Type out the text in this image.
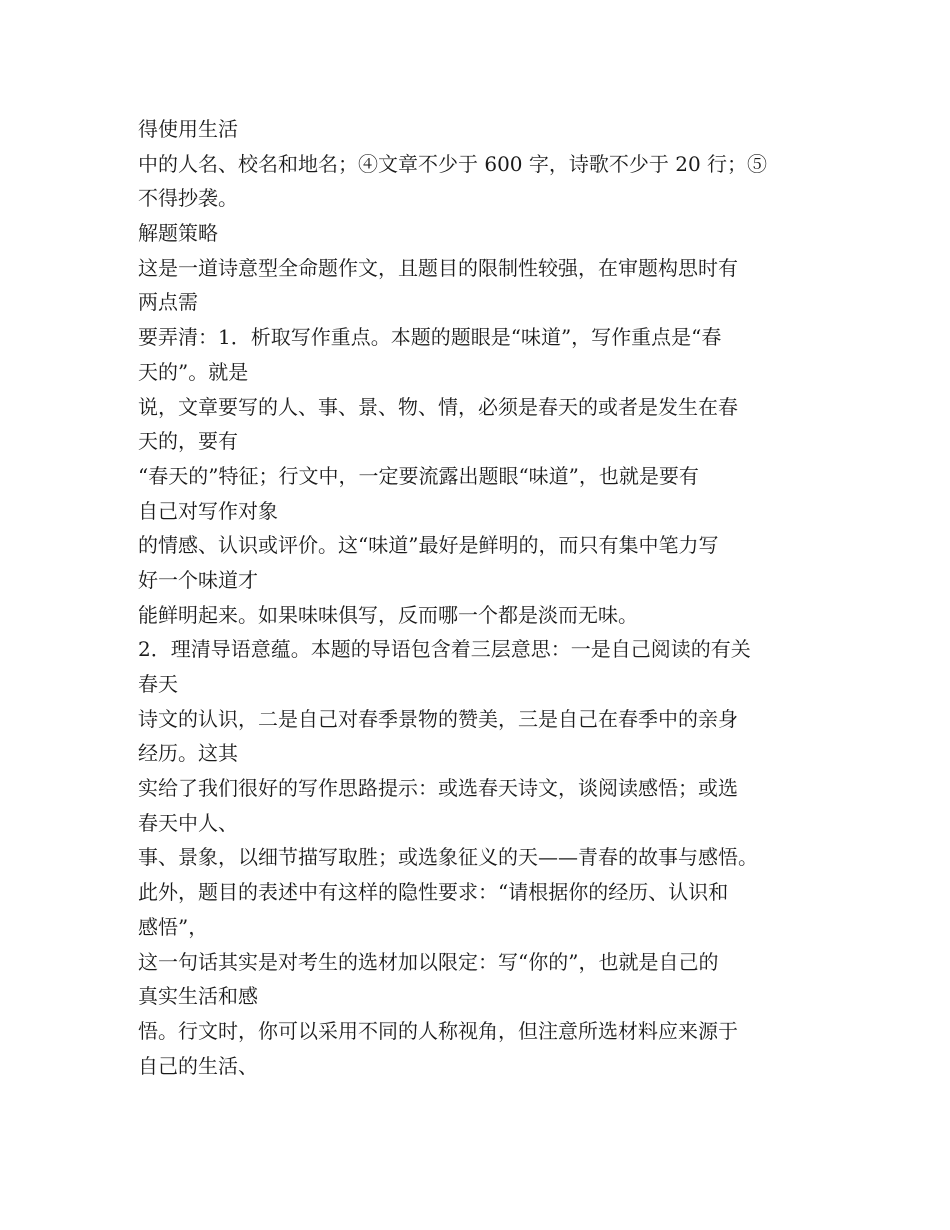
得使用生活
中的人名、校名和地名；④文章不少于 600 字，诗歌不少于 20 行；⑤
不得抄袭。
解题策略
这是一道诗意型全命题作文，且题目的限制性较强，在审题构思时有
两点需
要弄清：1．析取写作重点。本题的题眼是“味道”，写作重点是“春
天的”。就是
说，文章要写的人、事、景、物、情，必须是春天的或者是发生在春
天的，要有
“春天的”特征；行文中，一定要流露出题眼“味道”，也就是要有
自己对写作对象
的情感、认识或评价。这“味道”最好是鲜明的，而只有集中笔力写
好一个味道才
能鲜明起来。如果味味俱写，反而哪一个都是淡而无味。
2．理清导语意蕴。本题的导语包含着三层意思：一是自己阅读的有关
春天
诗文的认识，二是自己对春季景物的赞美，三是自己在春季中的亲身
经历。这其
实给了我们很好的写作思路提示：或选春天诗文，谈阅读感悟；或选
春天中人、
事、景象，以细节描写取胜；或选象征义的天——青春的故事与感悟。
此外，题目的表述中有这样的隐性要求：“请根据你的经历、认识和
感悟”，
这一句话其实是对考生的选材加以限定：写“你的”，也就是自己的
真实生活和感
悟。行文时，你可以采用不同的人称视角，但注意所选材料应来源于
自己的生活、
